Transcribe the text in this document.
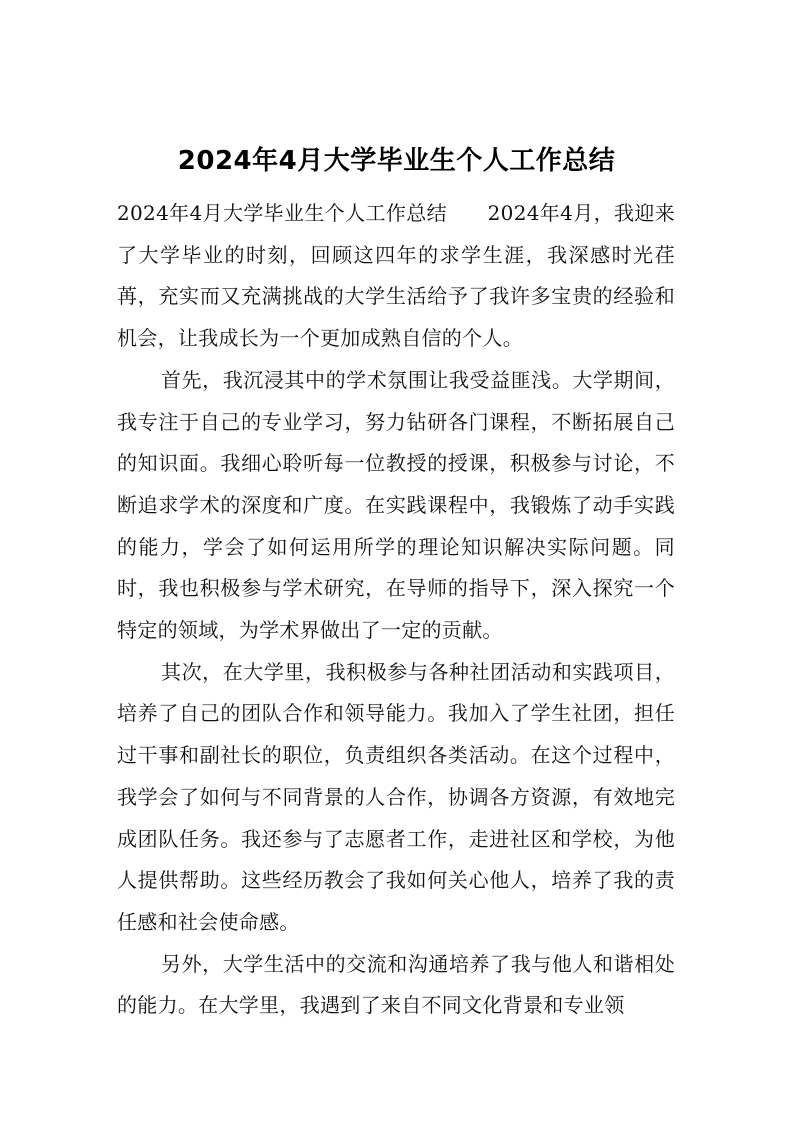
2024年4月大学毕业生个人工作总结

2024年4月大学毕业生个人工作总结　　2024年4月，我迎来了大学毕业的时刻，回顾这四年的求学生涯，我深感时光荏苒，充实而又充满挑战的大学生活给予了我许多宝贵的经验和机会，让我成长为一个更加成熟自信的个人。

首先，我沉浸其中的学术氛围让我受益匪浅。大学期间，我专注于自己的专业学习，努力钻研各门课程，不断拓展自己的知识面。我细心聆听每一位教授的授课，积极参与讨论，不断追求学术的深度和广度。在实践课程中，我锻炼了动手实践的能力，学会了如何运用所学的理论知识解决实际问题。同时，我也积极参与学术研究，在导师的指导下，深入探究一个特定的领域，为学术界做出了一定的贡献。

其次，在大学里，我积极参与各种社团活动和实践项目，培养了自己的团队合作和领导能力。我加入了学生社团，担任过干事和副社长的职位，负责组织各类活动。在这个过程中，我学会了如何与不同背景的人合作，协调各方资源，有效地完成团队任务。我还参与了志愿者工作，走进社区和学校，为他人提供帮助。这些经历教会了我如何关心他人，培养了我的责任感和社会使命感。

另外，大学生活中的交流和沟通培养了我与他人和谐相处的能力。在大学里，我遇到了来自不同文化背景和专业领
